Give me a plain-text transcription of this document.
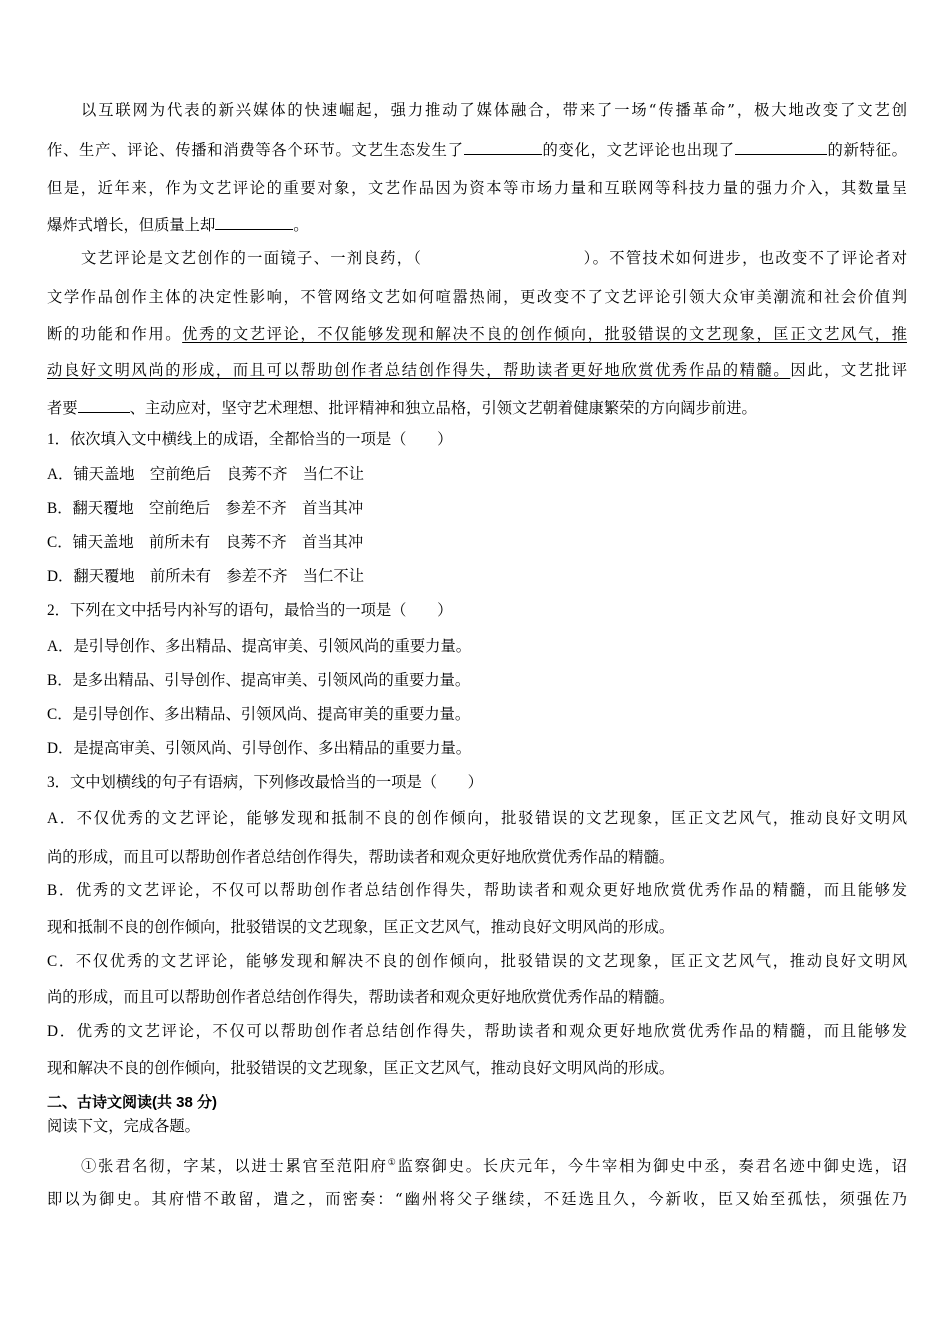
以互联网为代表的新兴媒体的快速崛起，强力推动了媒体融合，带来了一场“传播革命”，极大地改变了文艺创
作、生产、评论、传播和消费等各个环节。文艺生态发生了	的变化，文艺评论也出现了	的新特征。
但是，近年来，作为文艺评论的重要对象，文艺作品因为资本等市场力量和互联网等科技力量的强力介入，其数量呈
爆炸式增长，但质量上却	。
文艺评论是文艺创作的一面镜子、一剂良药，（	）。不管技术如何进步，也改变不了评论者对
文学作品创作主体的决定性影响，不管网络文艺如何喧嚣热闹，更改变不了文艺评论引领大众审美潮流和社会价值判
断的功能和作用。优秀的文艺评论，不仅能够发现和解决不良的创作倾向，批驳错误的文艺现象，匡正文艺风气，推
动良好文明风尚的形成，而且可以帮助创作者总结创作得失，帮助读者更好地欣赏优秀作品的精髓。因此，文艺批评
者要	、主动应对，坚守艺术理想、批评精神和独立品格，引领文艺朝着健康繁荣的方向阔步前进。
1．依次填入文中横线上的成语，全都恰当的一项是（　　）
A．铺天盖地　空前绝后　良莠不齐　当仁不让
B．翻天覆地　空前绝后　参差不齐　首当其冲
C．铺天盖地　前所未有　良莠不齐　首当其冲
D．翻天覆地　前所未有　参差不齐　当仁不让
2．下列在文中括号内补写的语句，最恰当的一项是（　　）
A．是引导创作、多出精品、提高审美、引领风尚的重要力量。
B．是多出精品、引导创作、提高审美、引领风尚的重要力量。
C．是引导创作、多出精品、引领风尚、提高审美的重要力量。
D．是提高审美、引领风尚、引导创作、多出精品的重要力量。
3．文中划横线的句子有语病，下列修改最恰当的一项是（　　）
A．不仅优秀的文艺评论，能够发现和抵制不良的创作倾向，批驳错误的文艺现象，匡正文艺风气，推动良好文明风
尚的形成，而且可以帮助创作者总结创作得失，帮助读者和观众更好地欣赏优秀作品的精髓。
B．优秀的文艺评论，不仅可以帮助创作者总结创作得失，帮助读者和观众更好地欣赏优秀作品的精髓，而且能够发
现和抵制不良的创作倾向，批驳错误的文艺现象，匡正文艺风气，推动良好文明风尚的形成。
C．不仅优秀的文艺评论，能够发现和解决不良的创作倾向，批驳错误的文艺现象，匡正文艺风气，推动良好文明风
尚的形成，而且可以帮助创作者总结创作得失，帮助读者和观众更好地欣赏优秀作品的精髓。
D．优秀的文艺评论，不仅可以帮助创作者总结创作得失，帮助读者和观众更好地欣赏优秀作品的精髓，而且能够发
现和解决不良的创作倾向，批驳错误的文艺现象，匡正文艺风气，推动良好文明风尚的形成。
二、古诗文阅读(共 38 分)
阅读下文，完成各题。
①张君名彻，字某，以进士累官至范阳府①监察御史。长庆元年，今牛宰相为御史中丞，奏君名迹中御史选，诏
即以为御史。其府惜不敢留，遣之，而密奏：“幽州将父子继续，不廷选且久，今新收，臣又始至孤怯，须强佐乃
